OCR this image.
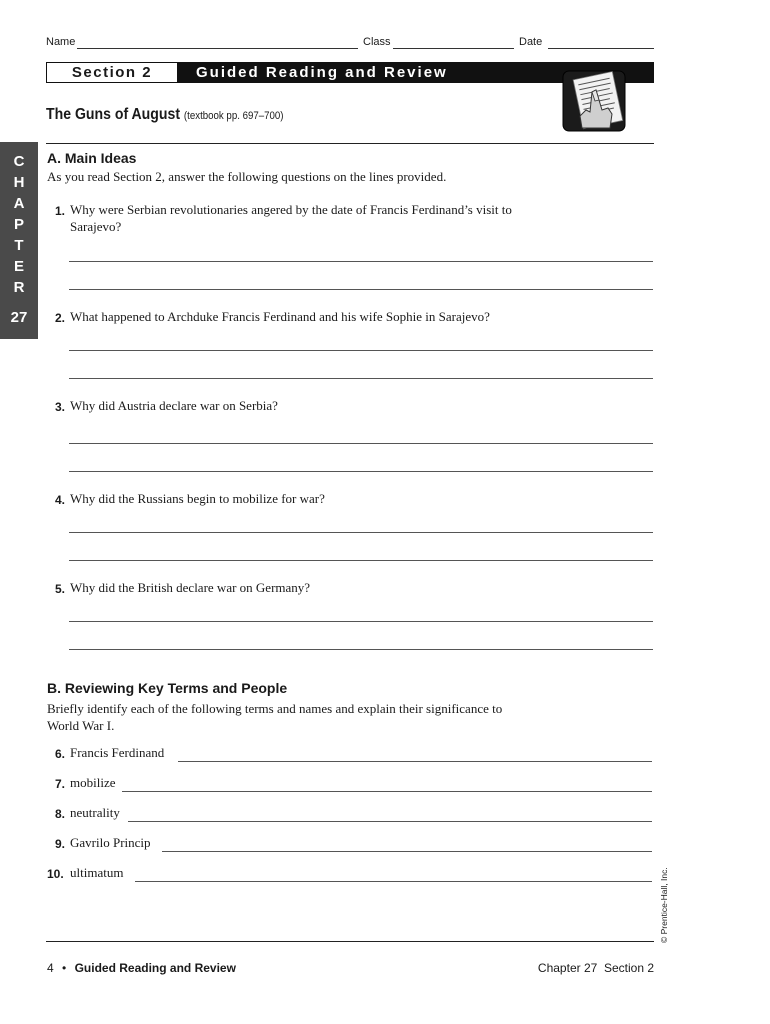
Name	Class	Date
Section 2	Guided Reading and Review
The Guns of August (textbook pp. 697–700)
C
H
A
P
T
E
R
27
A. Main Ideas
As you read Section 2, answer the following questions on the lines provided.
1. Why were Serbian revolutionaries angered by the date of Francis Ferdinand’s visit to
Sarajevo?
2. What happened to Archduke Francis Ferdinand and his wife Sophie in Sarajevo?
3. Why did Austria declare war on Serbia?
4. Why did the Russians begin to mobilize for war?
5. Why did the British declare war on Germany?
B. Reviewing Key Terms and People
Briefly identify each of the following terms and names and explain their significance to
World War I.
6. Francis Ferdinand
7. mobilize
8. neutrality
9. Gavrilo Princip
10. ultimatum	© Prentice-Hall, Inc.
4 • Guided Reading and Review	Chapter 27  Section 2
